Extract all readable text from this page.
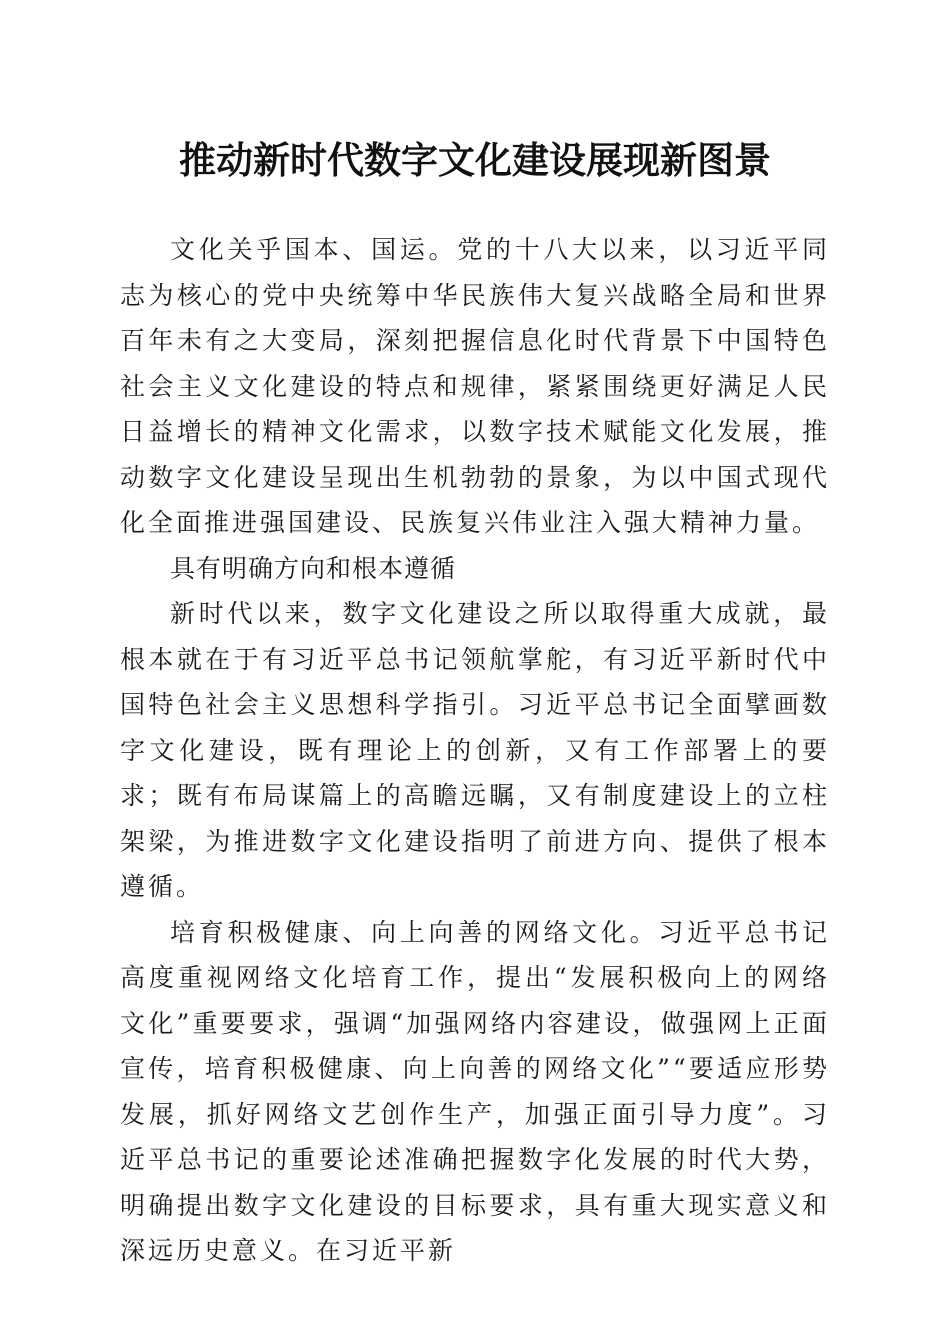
推动新时代数字文化建设展现新图景

文化关乎国本、国运。党的十八大以来，以习近平同志为核心的党中央统筹中华民族伟大复兴战略全局和世界百年未有之大变局，深刻把握信息化时代背景下中国特色社会主义文化建设的特点和规律，紧紧围绕更好满足人民日益增长的精神文化需求，以数字技术赋能文化发展，推动数字文化建设呈现出生机勃勃的景象，为以中国式现代化全面推进强国建设、民族复兴伟业注入强大精神力量。

具有明确方向和根本遵循

新时代以来，数字文化建设之所以取得重大成就，最根本就在于有习近平总书记领航掌舵，有习近平新时代中国特色社会主义思想科学指引。习近平总书记全面擘画数字文化建设，既有理论上的创新，又有工作部署上的要求；既有布局谋篇上的高瞻远瞩，又有制度建设上的立柱架梁，为推进数字文化建设指明了前进方向、提供了根本遵循。

培育积极健康、向上向善的网络文化。习近平总书记高度重视网络文化培育工作，提出“发展积极向上的网络文化”重要要求，强调“加强网络内容建设，做强网上正面宣传，培育积极健康、向上向善的网络文化”“要适应形势发展，抓好网络文艺创作生产，加强正面引导力度”。习近平总书记的重要论述准确把握数字化发展的时代大势，明确提出数字文化建设的目标要求，具有重大现实意义和深远历史意义。在习近平新
